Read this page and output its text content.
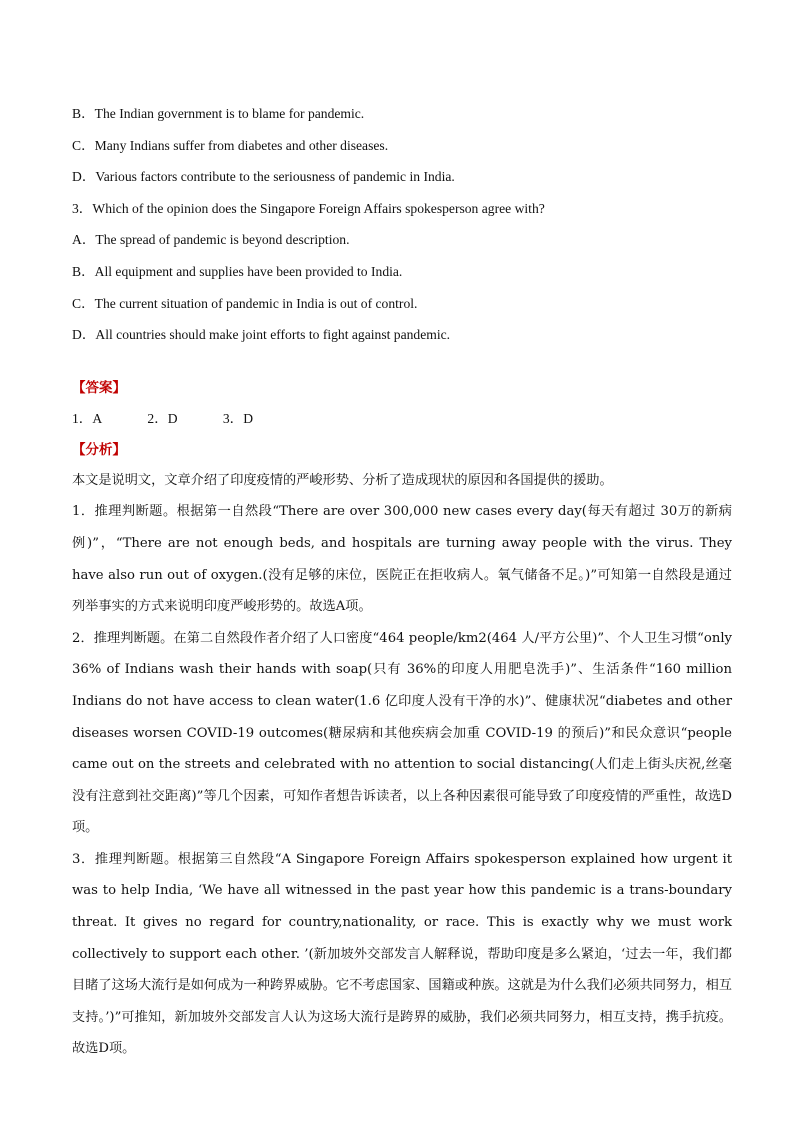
B．The Indian government is to blame for pandemic.
C．Many Indians suffer from diabetes and other diseases.
D．Various factors contribute to the seriousness of pandemic in India.
3．Which of the opinion does the Singapore Foreign Affairs spokesperson agree with?
A．The spread of pandemic is beyond description.
B．All equipment and supplies have been provided to India.
C．The current situation of pandemic in India is out of control.
D．All countries should make joint efforts to fight against pandemic.
【答案】
1．A	2．D	3．D
【分析】

本文是说明文，文章介绍了印度疫情的严峻形势、分析了造成现状的原因和各国提供的援助。

1．推理判断题。根据第一自然段“There are over 300,000 new cases every day(每天有超过 30万的新病例)”，“There are not enough beds, and hospitals are turning away people with the virus. They have also run out of oxygen.(没有足够的床位，医院正在拒收病人。氧气储备不足。)”可知第一自然段是通过列举事实的方式来说明印度严峻形势的。故选A项。

2．推理判断题。在第二自然段作者介绍了人口密度“464 people/km2(464 人/平方公里)”、个人卫生习惯“only 36% of Indians wash their hands with soap(只有 36%的印度人用肥皂洗手)”、生活条件“160 million Indians do not have access to clean water(1.6 亿印度人没有干净的水)”、健康状况“diabetes and other diseases worsen COVID-19 outcomes(糖尿病和其他疾病会加重 COVID-19 的预后)”和民众意识“people came out on the streets and celebrated with no attention to social distancing(人们走上街头庆祝,丝毫没有注意到社交距离)”等几个因素，可知作者想告诉读者，以上各种因素很可能导致了印度疫情的严重性，故选D项。

3．推理判断题。根据第三自然段“A Singapore Foreign Affairs spokesperson explained how urgent it was to help India, ‘We have all witnessed in the past year how this pandemic is a trans-boundary threat. It gives no regard for country,nationality, or race. This is exactly why we must work collectively to support each other. ’(新加坡外交部发言人解释说，帮助印度是多么紧迫，‘过去一年，我们都目睹了这场大流行是如何成为一种跨界威胁。它不考虑国家、国籍或种族。这就是为什么我们必须共同努力，相互支持。’)”可推知，新加坡外交部发言人认为这场大流行是跨界的威胁，我们必须共同努力，相互支持，携手抗疫。故选D项。
